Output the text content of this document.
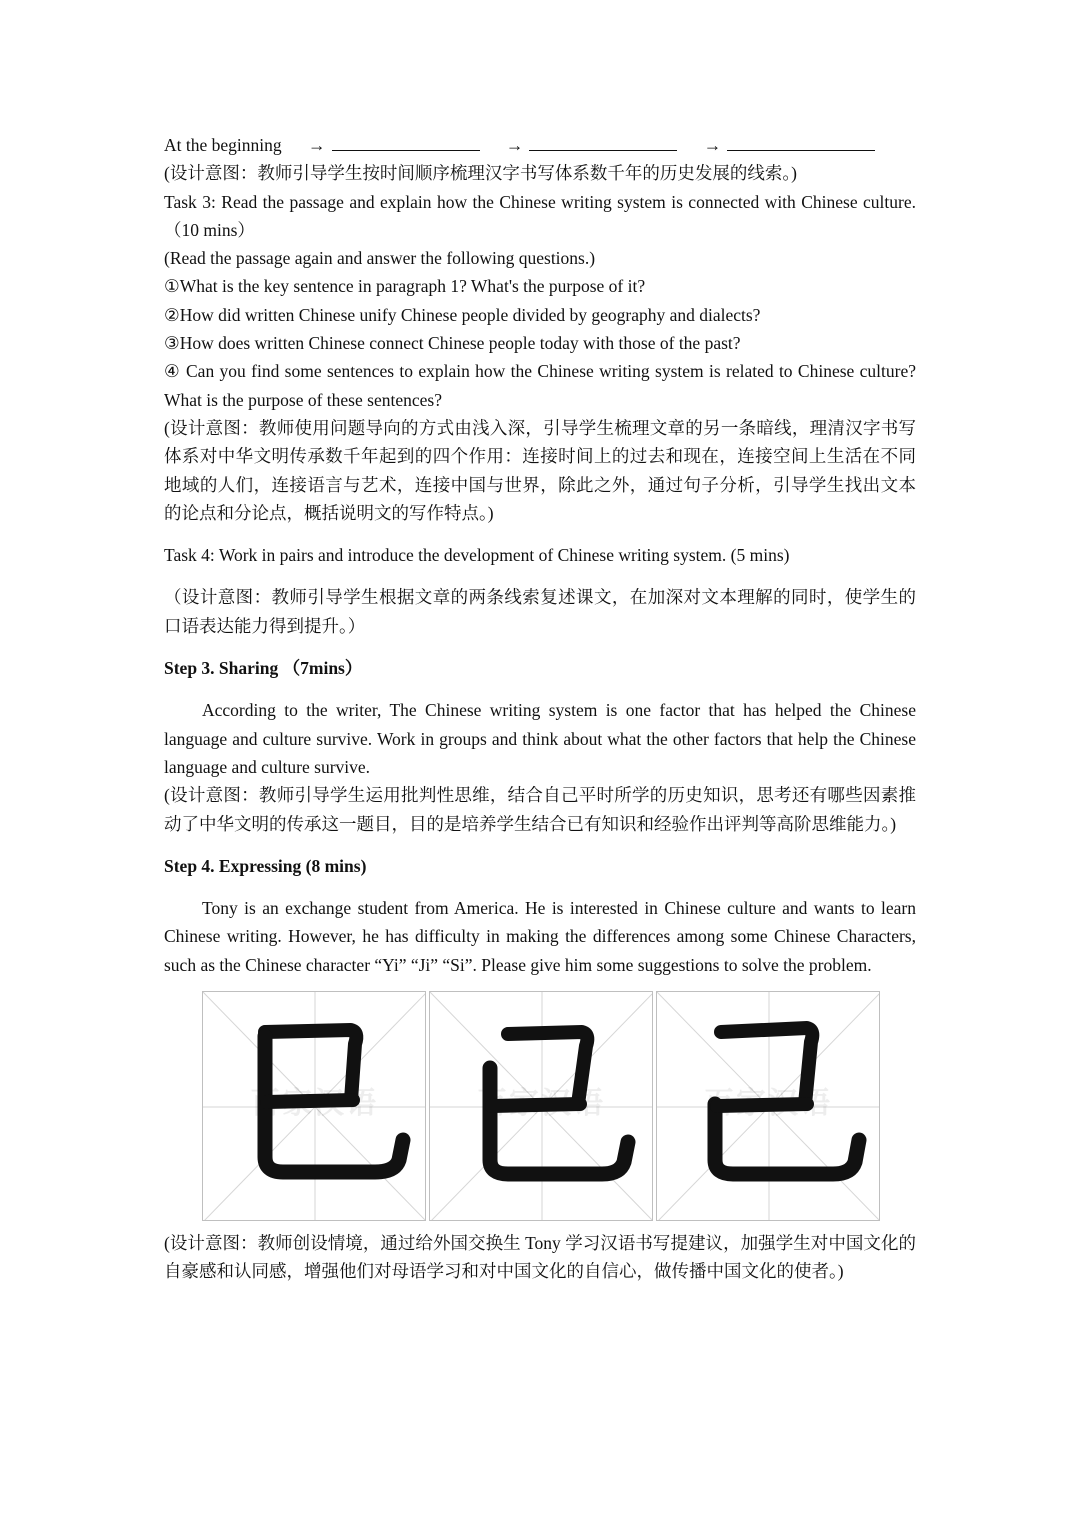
At the beginning →	→	→
(设计意图：教师引导学生按时间顺序梳理汉字书写体系数千年的历史发展的线索。)
Task 3: Read the passage and explain how the Chinese writing system is connected with Chinese culture.（10 mins）
(Read the passage again and answer the following questions.)
①What is the key sentence in paragraph 1? What's the purpose of it?
②How did written Chinese unify Chinese people divided by geography and dialects?
③How does written Chinese connect Chinese people today with those of the past?
④ Can you find some sentences to explain how the Chinese writing system is related to Chinese culture? What is the purpose of these sentences?
(设计意图：教师使用问题导向的方式由浅入深，引导学生梳理文章的另一条暗线，理清汉字书写体系对中华文明传承数千年起到的四个作用：连接时间上的过去和现在，连接空间上生活在不同地域的人们，连接语言与艺术，连接中国与世界，除此之外，通过句子分析，引导学生找出文本的论点和分论点，概括说明文的写作特点。)
Task 4: Work in pairs and introduce the development of Chinese writing system. (5 mins)
（设计意图：教师引导学生根据文章的两条线索复述课文，在加深对文本理解的同时，使学生的口语表达能力得到提升。）
Step 3. Sharing （7mins）
According to the writer, The Chinese writing system is one factor that has helped the Chinese language and culture survive. Work in groups and think about what the other factors that help the Chinese language and culture survive.
(设计意图：教师引导学生运用批判性思维，结合自己平时所学的历史知识，思考还有哪些因素推动了中华文明的传承这一题目，目的是培养学生结合已有知识和经验作出评判等高阶思维能力。)
Step 4. Expressing (8 mins)
Tony is an exchange student from America. He is interested in Chinese culture and wants to learn Chinese writing. However, he has difficulty in making the differences among some Chinese Characters, such as the Chinese character “Yi” “Ji” “Si”. Please give him some suggestions to solve the problem.
百家汉语	百家汉语	百家汉语
(设计意图：教师创设情境，通过给外国交换生 Tony 学习汉语书写提建议，加强学生对中国文化的自豪感和认同感，增强他们对母语学习和对中国文化的自信心，做传播中国文化的使者。)
